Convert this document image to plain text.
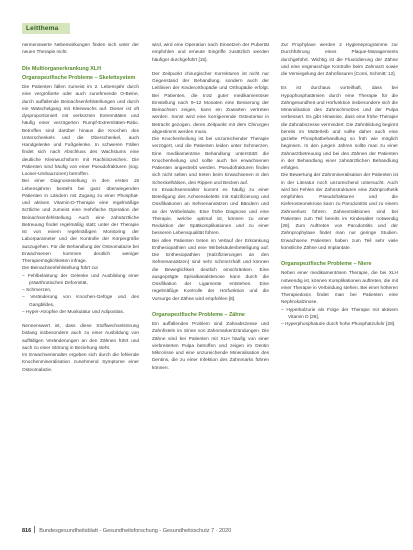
Leitthema

nennenswerte Nebenwirkungen finden sich unter der neuen Therapie nicht.

Die Multiorganerkrankung XLH
Organspezifische Probleme – Skelettsystem

Die Patienten fallen zumeist im 2. Lebensjahr durch eine vergrößerte oder auch zunehmende O-Beine, durch auffallende Beinachsenfehlstellungen und durch ein Watschelgang mit Kleinwuchs auf. Dieser ist oft dysproportioniert mit verkürzten Extremitäten und häufig einer verzögerten Rumpf-Extremitäten-Ratio. Betroffen sind darüber hinaus die Knochen des Unterschenkels und die Oberschenkel, auch Handgelenke und Fußgelenke. In schweren Fällen findet sich nach Abschluss des Wachstums eine deutliche Kleinwuchsform mit Rachitiszeichen. Die Patienten sind häufig von einer Pseudofrakturen (sog. Looser-Umbauzonen) betroffen.

Bei einer Diagnosestellung in den ersten 18 Lebensjahren besteht bei ganz überwiegenden Patienten in Ländern mit Zugang zu einer Phosphat- und aktiven Vitamin-D-Therapie eine regelmäßige ärztliche und zumeist eine mehrfache Operation der Beinachsenfehlstellung. Auch eine zahnärztliche Betreuung findet regelmäßig statt; unter der Therapie ist von einem regelmäßigen Monitoring der Laborparameter und der Kontrolle der Körpergröße auszugehen. Für die Behandlung der Osteomalazie bei Erwachsenen kommen deutlich weniger Therapiemöglichkeiten infrage.

Die Beinachsenfehlstellung führt zur

– Fehlbelastung der Gelenke und Ausbildung einer präarthrotischen Deformität,
– Schmerzen,
– Veränderung von Knochen-Gefüge und des Gangbildes,
– Hyper-Atrophie der Muskulatur und Adipositas.

Nennenswert ist, dass diese Stoffwechselstörung bislang insbesondere auch zu einer Ausbildung von auffälligen Veränderungen an den Zähnen führt und auch zu einer Störung in Beziehung steht.

Im Erwachsenenalter ergeben sich durch die fehlende Knochenmineralisation zunehmend Symptome einer Osteomalazie.

wird, wird eine Operation nach Einsetzen der Pubertät empfohlen und erneute Eingriffe zusätzlich werden häufiger durchgeführt [15].

Der Zeitpunkt chirurgischer Korrekturen ist nicht nur Gegenstand der Behandlung, sondern auch der Leitlinien der Kinderorthopädie und Orthopädie erfolgt. Bei Patienten, die trotz guter medikamentöser Einstellung nach 9–12 Monaten eine Besserung der Beinachsen zeigen, kann ein Zuwarten vertreten werden. Sonst wird eine korrigierende Osteotomie in Betracht gezogen, deren Zeitpunkt mit dem Chirurgen abgestimmt werden muss.

Die Knochenheilung ist bei unzureichender Therapie verzögert, und die Patienten leiden unter Schmerzen. Eine medikamentöse Behandlung unterstützt die Knochenheilung und sollte auch bei erwachsenen Patienten angestrebt werden. Pseudofrakturen finden sich nicht selten und treten beim Erwachsenen in den Schenkelhälsen, den Rippen und Becken auf.

Im Erwachsenenalter kommt es häufig zu einer Beteiligung des Achsenskeletts mit Kalzifizierung und Ossifikationen an Sehnenansätzen und Bändern und an der Wirbelsäule. Eine frühe Diagnose und eine Therapie, welche optimal ist, können zu einer Reduktion der Spätkomplikationen und zu einer besseren Lebensqualität führen.

Bei allen Patienten treten im Verlauf der Erkrankung Enthesiopathien und eine Wirbelsäulenbeteiligung auf. Die Enthesiopathien (Kalzifizierungen an den Sehnenansätzen) sind sehr schmerzhaft und können die Beweglichkeit deutlich einschränken. Eine ausgeprägte Spinalkanalstenose kann durch die Ossifikation der Ligamente entstehen. Eine regelmäßige Kontrolle der Hörfunktion und die Vorsorge der Zähne wird empfohlen [8].

Organspezifische Probleme – Zähne

Ein auffallendes Problem sind Zahnabszesse und Zahnfisteln im Sinne von Zahnmarkentzündungen. Die Zähne sind bei Patienten mit XLH häufig von einer verbreiterten Pulpa betroffen und zeigen im Dentin Mikrorisse und eine unzureichende Mineralisation des Dentins, die zu einer Infektion des Zahnmarks führen können.

Zur Prophylaxe werden 2 Hygieneprogramme zur Durchführung eines Plaque-Managements durchgeführt. Wichtig ist die Fluoridierung der Zähne und eine engmaschige Kontrolle beim Zahnarzt sowie die Versiegelung der Zahnfissuren [Conti, Schmitt; 12].

Es ist durchaus vorteilhaft, dass bei Hypophosphatämien durch eine Therapie für die Zahngesundheit und Hörfunktion insbesondere sich die Mineralisation des Zahnschmelzes und der Pulpa verbessert. Es gibt Hinweise, dass eine frühe Therapie die Zahnabszesse vermindert. Die Zahnbildung beginnt bereits im Mutterleib und sollte daher auch eine gezielte Phosphatbehandlung so früh wie möglich beginnen. In den jungen Jahren sollte man zu einer Zahnarztbetreuung und bei den Zähnen der Patienten in der Behandlung einer zahnärztlichen Behandlung erfolgen.

Die Bewertung der Zahnmineralisation der Patienten ist in der Literatur noch unzureichend untersucht. Auch wird bei Fehlen der Zahnstrukturen eine Zahnprothetik empfohlen. Pseudofrakturen und die Kieferosteonekrose kann zu Parodontitis und zu einem Zahnverlust führen. Zahnextraktionen sind bei Patienten zum Teil bereits im Kindesalter notwendig [28]. Zum Auftreten von Parodontitis und der Zahnprophylaxe findet man nur geringe Studien. Erwachsene Patienten haben zum Teil sehr viele künstliche Zähne und Implantate.

Organspezifische Probleme – Niere

Neben einer medikamentösen Therapie, die bei XLH notwendig ist, können Komplikationen auftreten, die mit einer Therapie in Verbindung stehen. Bei einer höheren Therapiedosis findet man bei Patienten eine Nephrokalzinose.

– Hyperkalzurie als Folge der Therapie mit aktivem Vitamin D [28],
– Hyperphosphaturie durch hohe Phosphatzufuhr [28].
816 Bundesgesundheitsblatt - Gesundheitsforschung - Gesundheitsschutz 7 · 2020
